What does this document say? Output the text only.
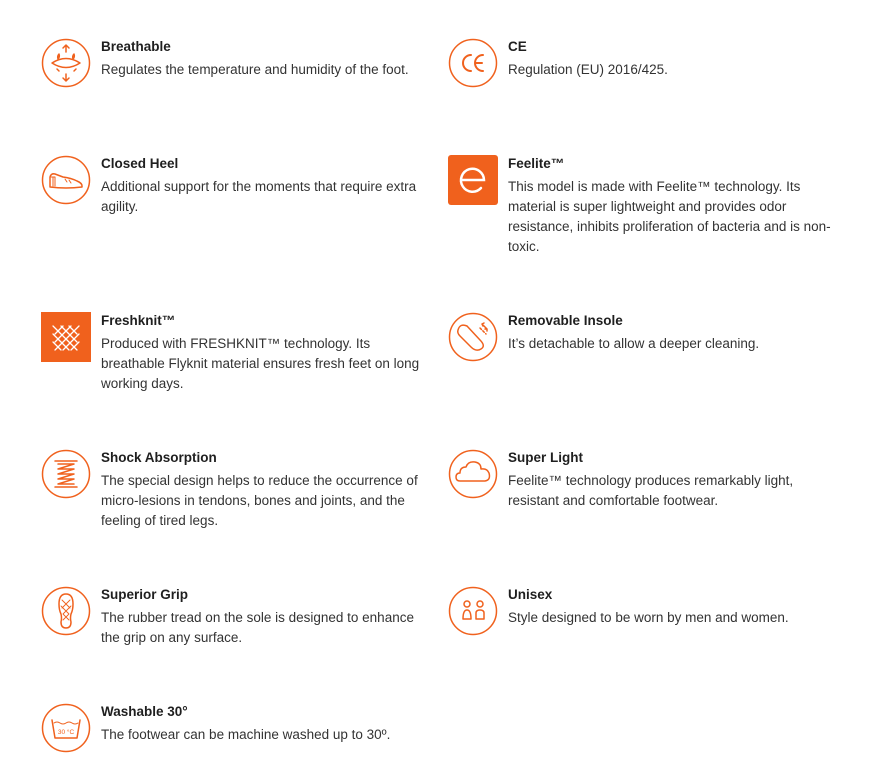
Breathable

Regulates the temperature and humidity of the foot.

CE

Regulation (EU) 2016/425.

Closed Heel

Additional support for the moments that require extra agility.

Feelite™

This model is made with Feelite™ technology. Its material is super lightweight and provides odor resistance, inhibits proliferation of bacteria and is non-toxic.

Freshknit™

Produced with FRESHKNIT™ technology. Its breathable Flyknit material ensures fresh feet on long working days.

Removable Insole

It’s detachable to allow a deeper cleaning.

Shock Absorption

The special design helps to reduce the occurrence of micro-lesions in tendons, bones and joints, and the feeling of tired legs.

Super Light

Feelite™ technology produces remarkably light, resistant and comfortable footwear.

Superior Grip

The rubber tread on the sole is designed to enhance the grip on any surface.

Unisex

Style designed to be worn by men and women.

30 °C

Washable 30°

The footwear can be machine washed up to 30º.
